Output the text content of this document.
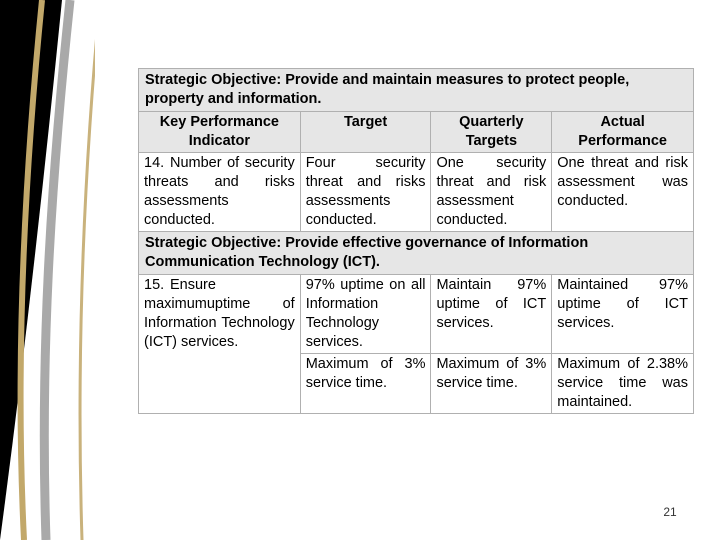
Strategic Objective: Provide and maintain measures to protect people, property and information.			
Key Performance Indicator	Target	Quarterly Targets	Actual Performance
14. Number of security threats and risks assessments conducted.	Four security threat and risks assessments conducted.	One security threat and risk assessment conducted.	One threat and risk assessment was conducted.
Strategic Objective: Provide effective governance of Information Communication Technology (ICT).			
15. Ensure maximumuptime of Information Technology (ICT) services.	97% uptime on all Information Technology services.	Maintain 97% uptime of ICT services.	Maintained 97% uptime of ICT services.
	Maximum of 3% service time.	Maximum of 3% service time.	Maximum of 2.38% service time was maintained.
21
